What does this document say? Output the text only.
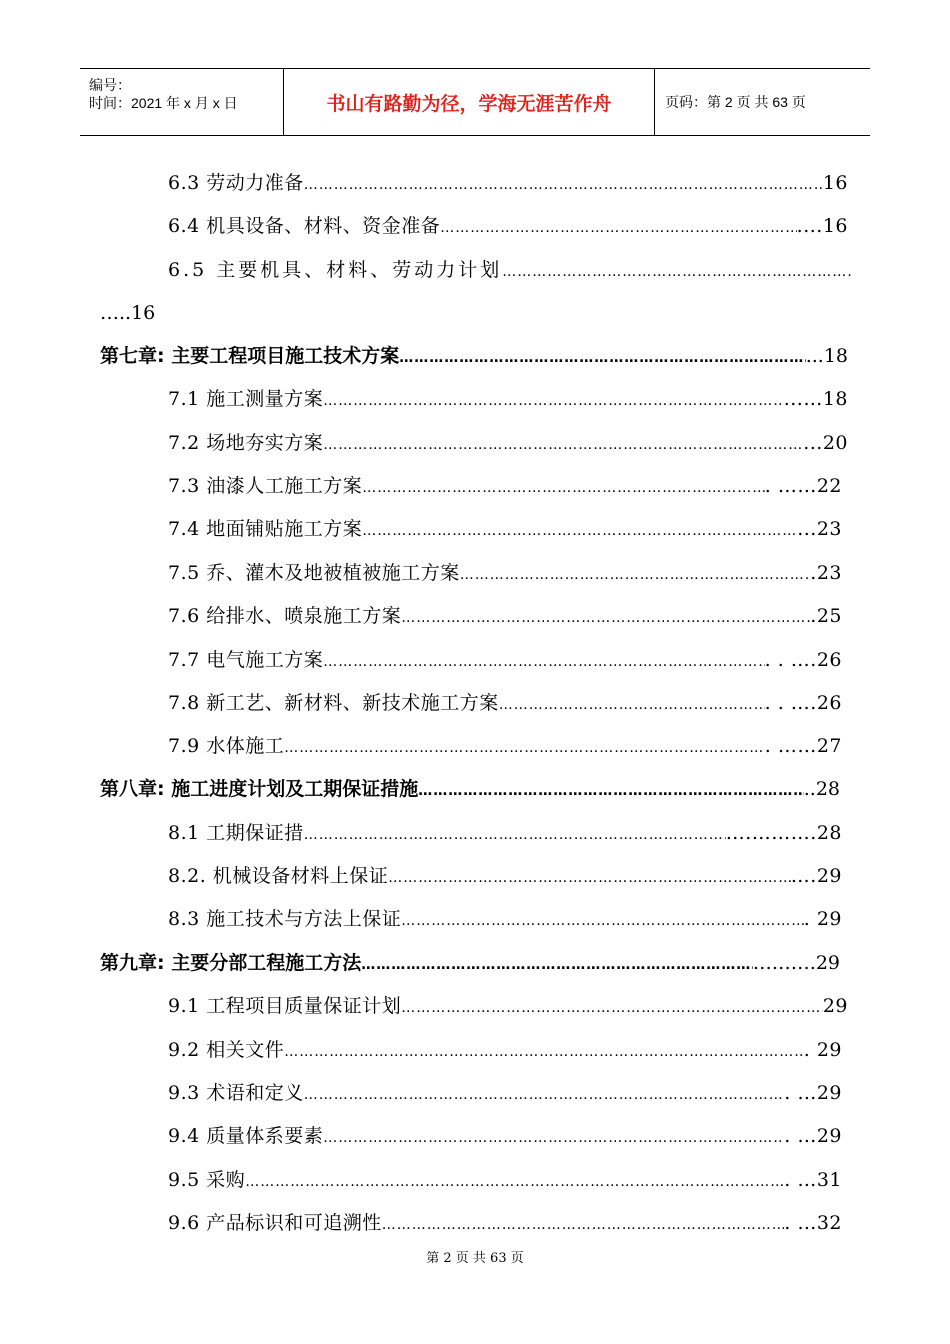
编号：
时间：2021 年 x 月 x 日	书山有路勤为径，学海无涯苦作舟	页码：第 2 页 共 63 页
6.3 劳动力准备 …………………………………………………………………………………………………………………………………………………………	16
6.4 机具设备、材料、资金准备 …………………………………………………………………………………………………………………………………………………………	....16
6.5 主要机具、材料、劳动力计划
…………………………………………………………………………………………………………………………………………………………
…..16
第七章: 主要工程项目施工技术方案 …………………………………………………………………………………………………………………………………………………………	...18
7.1 施工测量方案 …………………………………………………………………………………………………………………………………………………………	...…18
7.2 场地夯实方案 …………………………………………………………………………………………………………………………………………………………	...20
7.3 油漆人工施工方案 …………………………………………………………………………………………………………………………………………………………	. ……22
7.4 地面铺贴施工方案 …………………………………………………………………………………………………………………………………………………………	...23
7.5 乔、灌木及地被植被施工方案 …………………………………………………………………………………………………………………………………………………………	.23
7.6 给排水、喷泉施工方案 …………………………………………………………………………………………………………………………………………………………	.25
7.7 电气施工方案 …………………………………………………………………………………………………………………………………………………………	. . ….26
7.8 新工艺、新材料、新技术施工方案 …………………………………………………………………………………………………………………………………………………………	. . ….26
7.9 水体施工 …………………………………………………………………………………………………………………………………………………………	. ……27
第八章: 施工进度计划及工期保证措施 …………………………………………………………………………………………………………………………………………………………	..28
8.1 工期保证措 …………………………………………………………………………………………………………………………………………………………	….……….28
8.2. 机械设备材料上保证 …………………………………………………………………………………………………………………………………………………………	….29
8.3 施工技术与方法上保证 …………………………………………………………………………………………………………………………………………………………	. 29
第九章: 主要分部工程施工方法 …………………………………………………………………………………………………………………………………………………………	……….29
9.1 工程项目质量保证计划 …………………………………………………………………………………………………………………………………………………………	29
9.2 相关文件 …………………………………………………………………………………………………………………………………………………………	. 29
9.3 术语和定义 …………………………………………………………………………………………………………………………………………………………	. …29
9.4 质量体系要素 …………………………………………………………………………………………………………………………………………………………	. …29
9.5 采购 …………………………………………………………………………………………………………………………………………………………	. …31
9.6 产品标识和可追溯性 …………………………………………………………………………………………………………………………………………………………	. …32
第 2 页 共 63 页
